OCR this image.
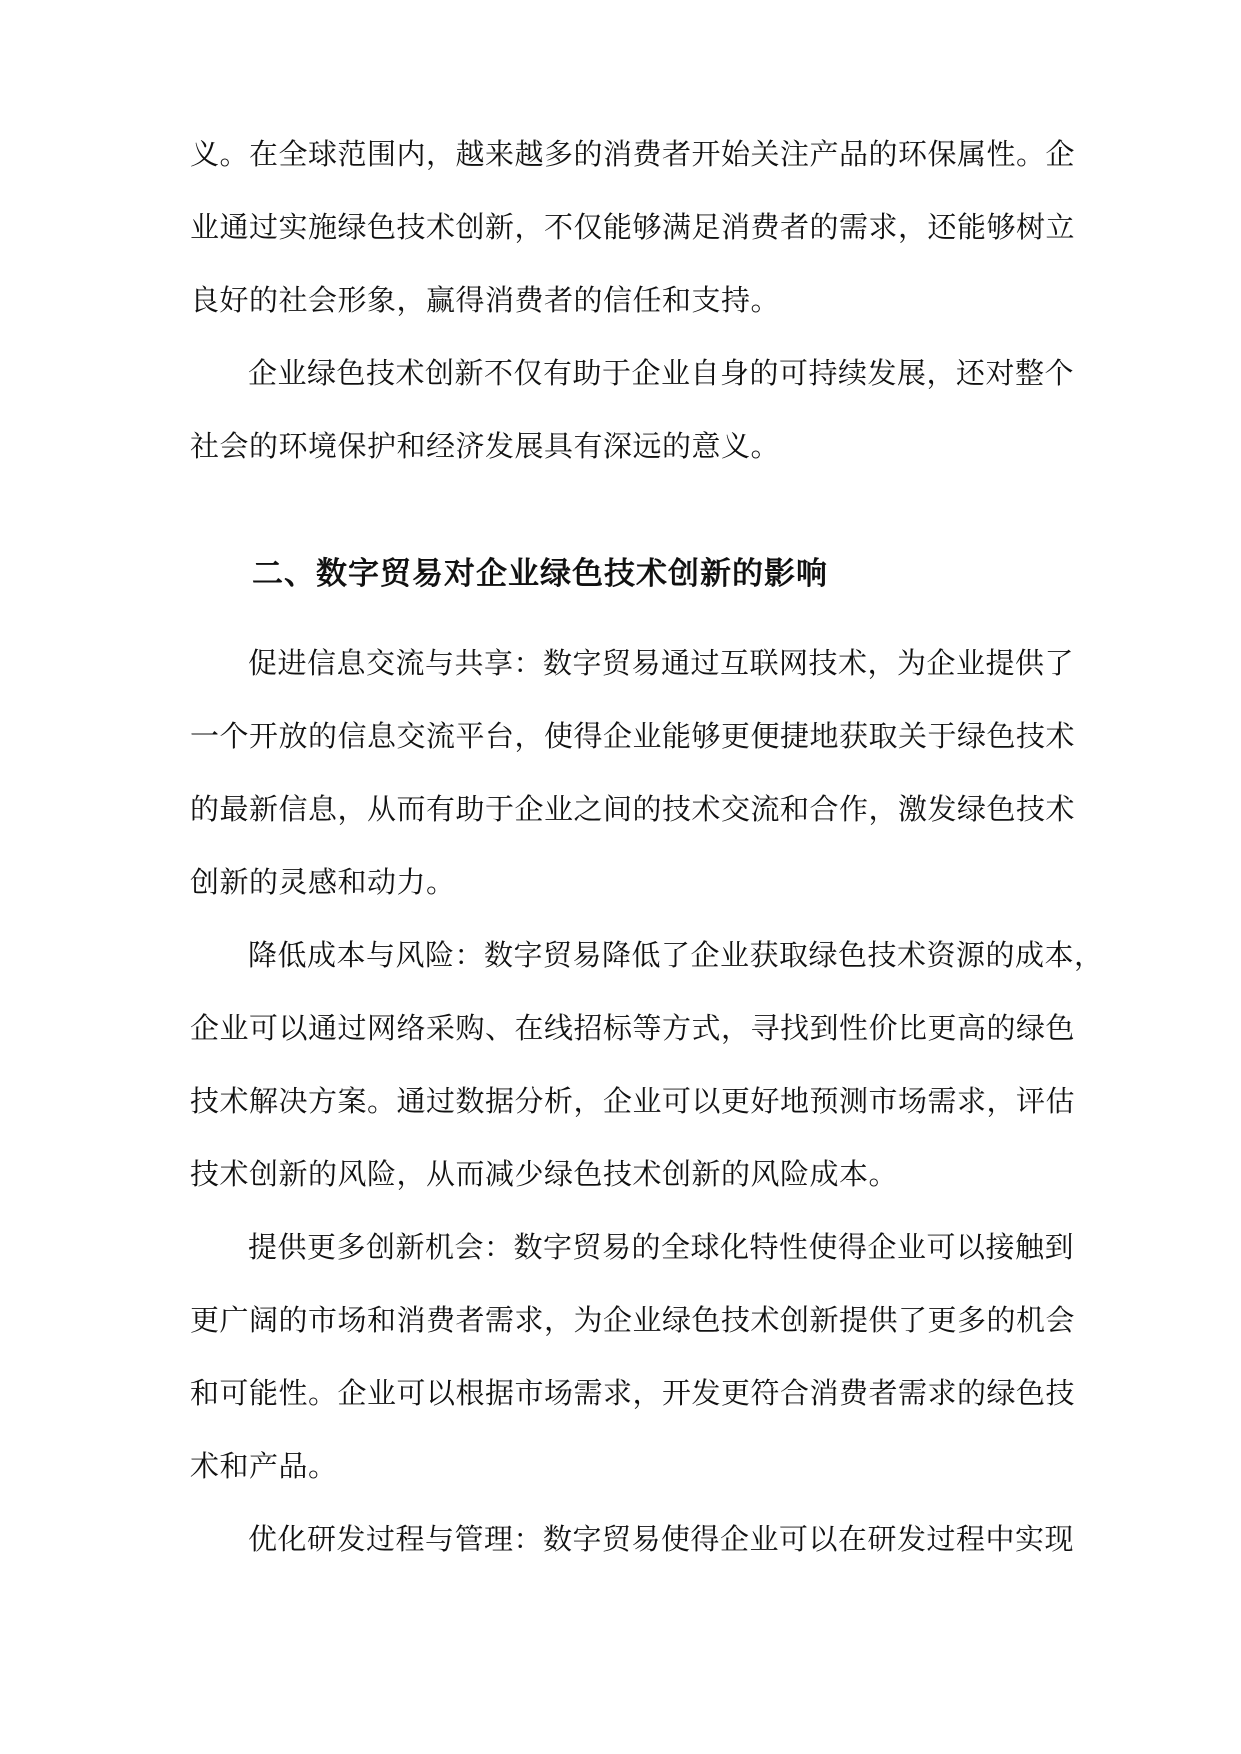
义。在全球范围内，越来越多的消费者开始关注产品的环保属性。企
业通过实施绿色技术创新，不仅能够满足消费者的需求，还能够树立
良好的社会形象，赢得消费者的信任和支持。
企业绿色技术创新不仅有助于企业自身的可持续发展，还对整个
社会的环境保护和经济发展具有深远的意义。
二、数字贸易对企业绿色技术创新的影响
促进信息交流与共享：数字贸易通过互联网技术，为企业提供了
一个开放的信息交流平台，使得企业能够更便捷地获取关于绿色技术
的最新信息，从而有助于企业之间的技术交流和合作，激发绿色技术
创新的灵感和动力。
降低成本与风险：数字贸易降低了企业获取绿色技术资源的成本，
企业可以通过网络采购、在线招标等方式，寻找到性价比更高的绿色
技术解决方案。通过数据分析，企业可以更好地预测市场需求，评估
技术创新的风险，从而减少绿色技术创新的风险成本。
提供更多创新机会：数字贸易的全球化特性使得企业可以接触到
更广阔的市场和消费者需求，为企业绿色技术创新提供了更多的机会
和可能性。企业可以根据市场需求，开发更符合消费者需求的绿色技
术和产品。
优化研发过程与管理：数字贸易使得企业可以在研发过程中实现
